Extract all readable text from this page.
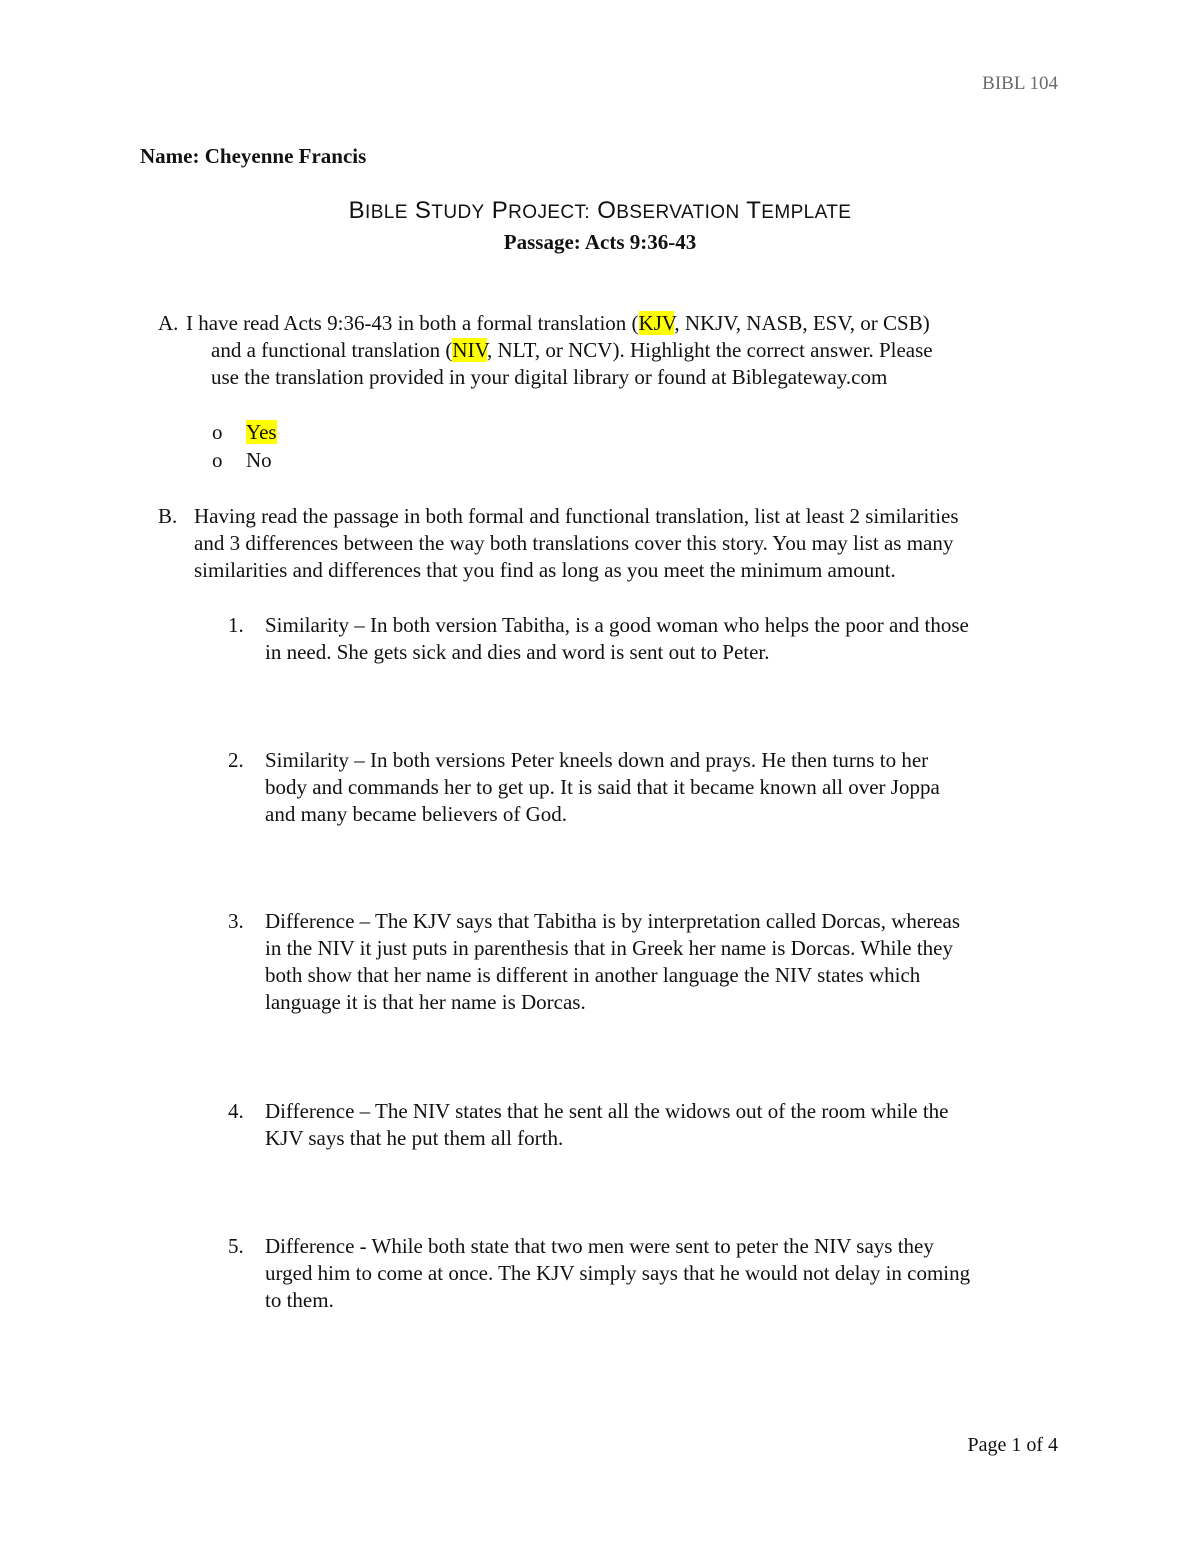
BIBL 104
Name: Cheyenne Francis
BIBLE STUDY PROJECT: OBSERVATION TEMPLATE
Passage: Acts 9:36-43
A. I have read Acts 9:36-43 in both a formal translation (KJV, NKJV, NASB, ESV, or CSB)
and a functional translation (NIV, NLT, or NCV). Highlight the correct answer. Please
use the translation provided in your digital library or found at Biblegateway.com
o Yes
o No
B. Having read the passage in both formal and functional translation, list at least 2 similarities
and 3 differences between the way both translations cover this story. You may list as many
similarities and differences that you find as long as you meet the minimum amount.
1. Similarity – In both version Tabitha, is a good woman who helps the poor and those
in need. She gets sick and dies and word is sent out to Peter.
2. Similarity – In both versions Peter kneels down and prays. He then turns to her
body and commands her to get up. It is said that it became known all over Joppa
and many became believers of God.
3. Difference – The KJV says that Tabitha is by interpretation called Dorcas, whereas
in the NIV it just puts in parenthesis that in Greek her name is Dorcas. While they
both show that her name is different in another language the NIV states which
language it is that her name is Dorcas.
4. Difference – The NIV states that he sent all the widows out of the room while the
KJV says that he put them all forth.
5. Difference - While both state that two men were sent to peter the NIV says they
urged him to come at once. The KJV simply says that he would not delay in coming
to them.
Page 1 of 4
